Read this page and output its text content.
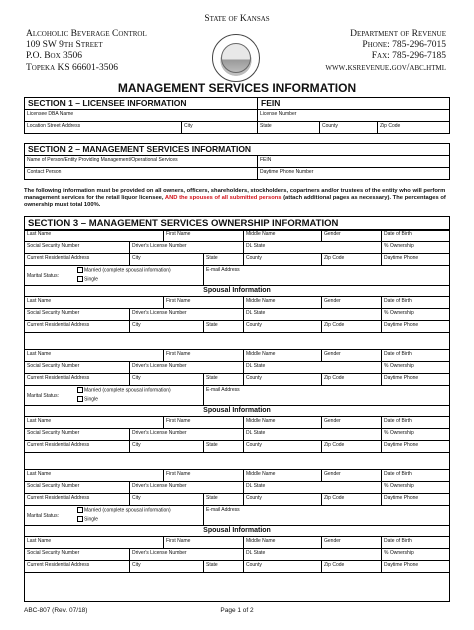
State of Kansas
Alcoholic Beverage Control
109 SW 9th Street
P.O. Box 3506
Topeka KS 66601-3506
Department of Revenue
Phone: 785-296-7015
Fax: 785-296-7185
www.ksrevenue.gov/abc.html
MANAGEMENT SERVICES INFORMATION
SECTION 1 – LICENSEE INFORMATION	FEIN
Licensee DBA Name	License Number
Location Street Address	City	State	County	Zip Code
SECTION 2 – MANAGEMENT SERVICES INFORMATION
Name of Person/Entity Providing Management/Operational Services	FEIN
Contact Person	Daytime Phone Number
The following information must be provided on all owners, officers, shareholders, stockholders, copartners and/or trustees of the entity who will perform management services for the retail liquor licensee, AND the spouses of all submitted persons (attach additional pages as necessary). The percentages of ownership must total 100%.
SECTION 3 – MANAGEMENT SERVICES OWNERSHIP INFORMATION
Last Name	First Name	Middle Name	Gender	Date of Birth
Social Security Number	Driver's License Number	DL State	% Ownership
Current Residential Address	City	State	County	Zip Code	Daytime Phone
Marital Status:
Married (complete spousal information)
Single
E-mail Address
Spousal Information
Last Name	First Name	Middle Name	Gender	Date of Birth
Social Security Number	Driver's License Number	DL State	% Ownership
Current Residential Address	City	State	County	Zip Code	Daytime Phone
Last Name	First Name	Middle Name	Gender	Date of Birth
Social Security Number	Driver's License Number	DL State	% Ownership
Current Residential Address	City	State	County	Zip Code	Daytime Phone
Marital Status:
Married (complete spousal information)
Single
E-mail Address
Spousal Information
Last Name	First Name	Middle Name	Gender	Date of Birth
Social Security Number	Driver's License Number	DL State	% Ownership
Current Residential Address	City	State	County	Zip Code	Daytime Phone
Last Name	First Name	Middle Name	Gender	Date of Birth
Social Security Number	Driver's License Number	DL State	% Ownership
Current Residential Address	City	State	County	Zip Code	Daytime Phone
Marital Status:
Married (complete spousal information)
Single
E-mail Address
Spousal Information
Last Name	First Name	Middle Name	Gender	Date of Birth
Social Security Number	Driver's License Number	DL State	% Ownership
Current Residential Address	City	State	County	Zip Code	Daytime Phone
ABC-807 (Rev. 07/18)	Page 1 of 2
